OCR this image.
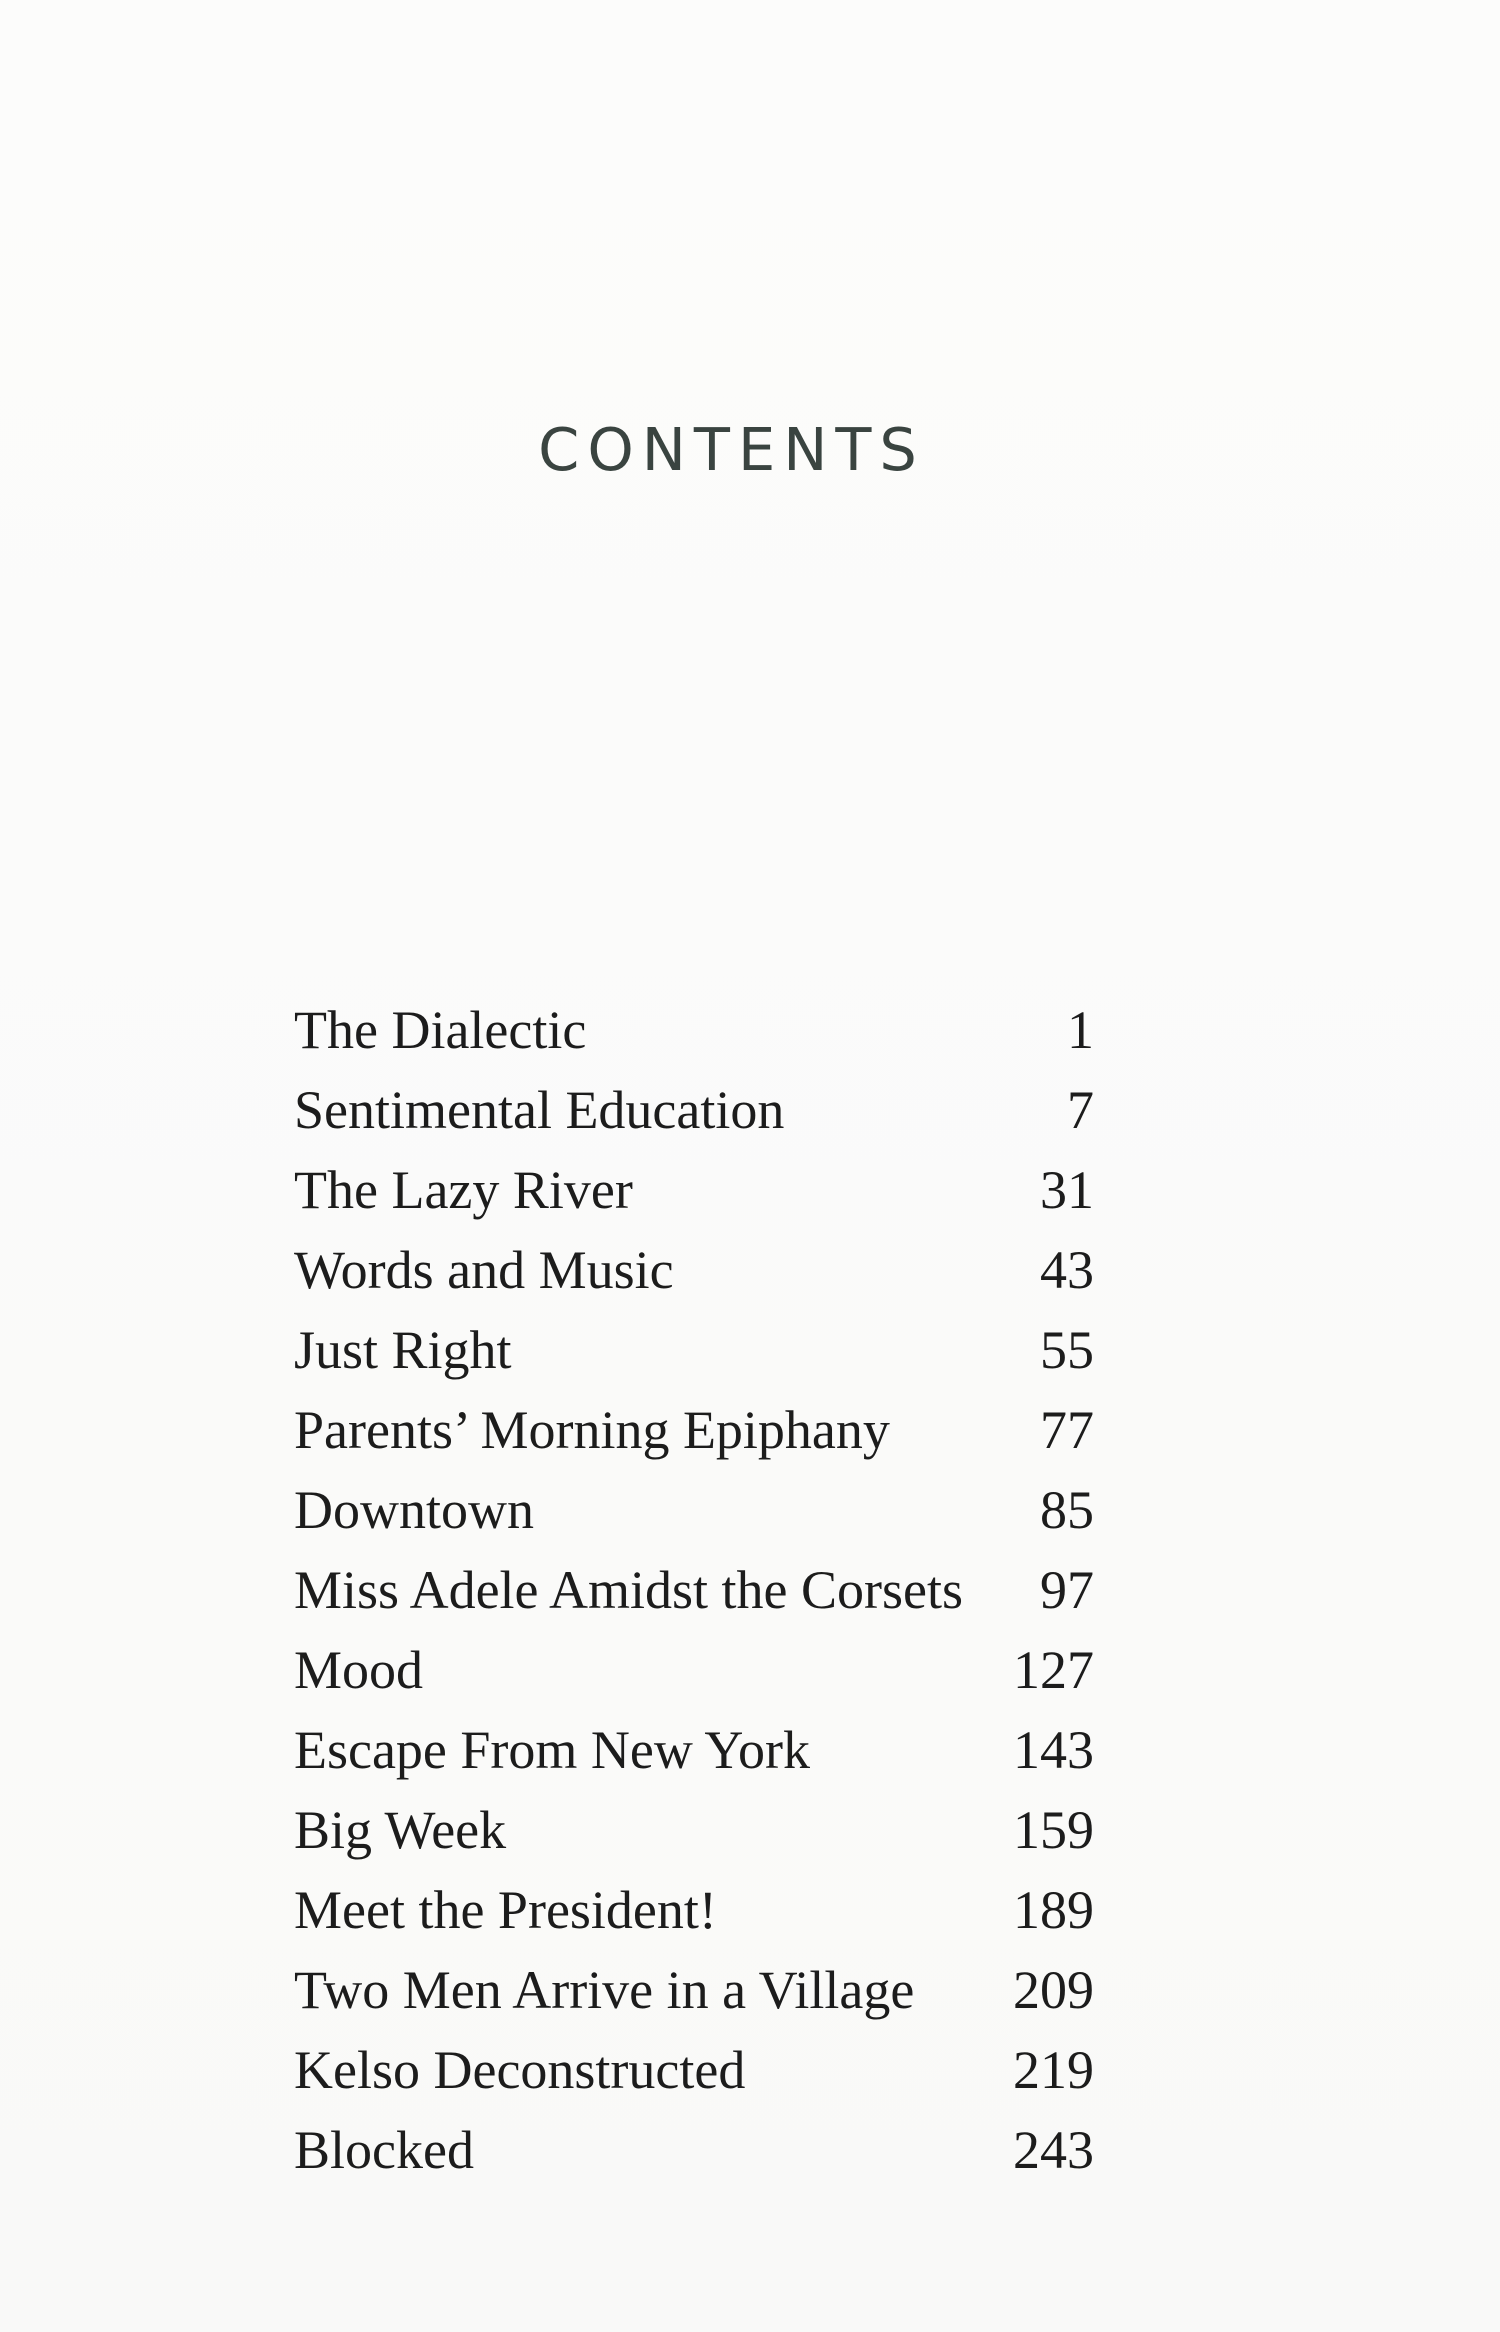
CONTENTS
The Dialectic	1
Sentimental Education	7
The Lazy River	31
Words and Music	43
Just Right	55
Parents’ Morning Epiphany	77
Downtown	85
Miss Adele Amidst the Corsets	97
Mood	127
Escape From New York	143
Big Week	159
Meet the President!	189
Two Men Arrive in a Village	209
Kelso Deconstructed	219
Blocked	243
